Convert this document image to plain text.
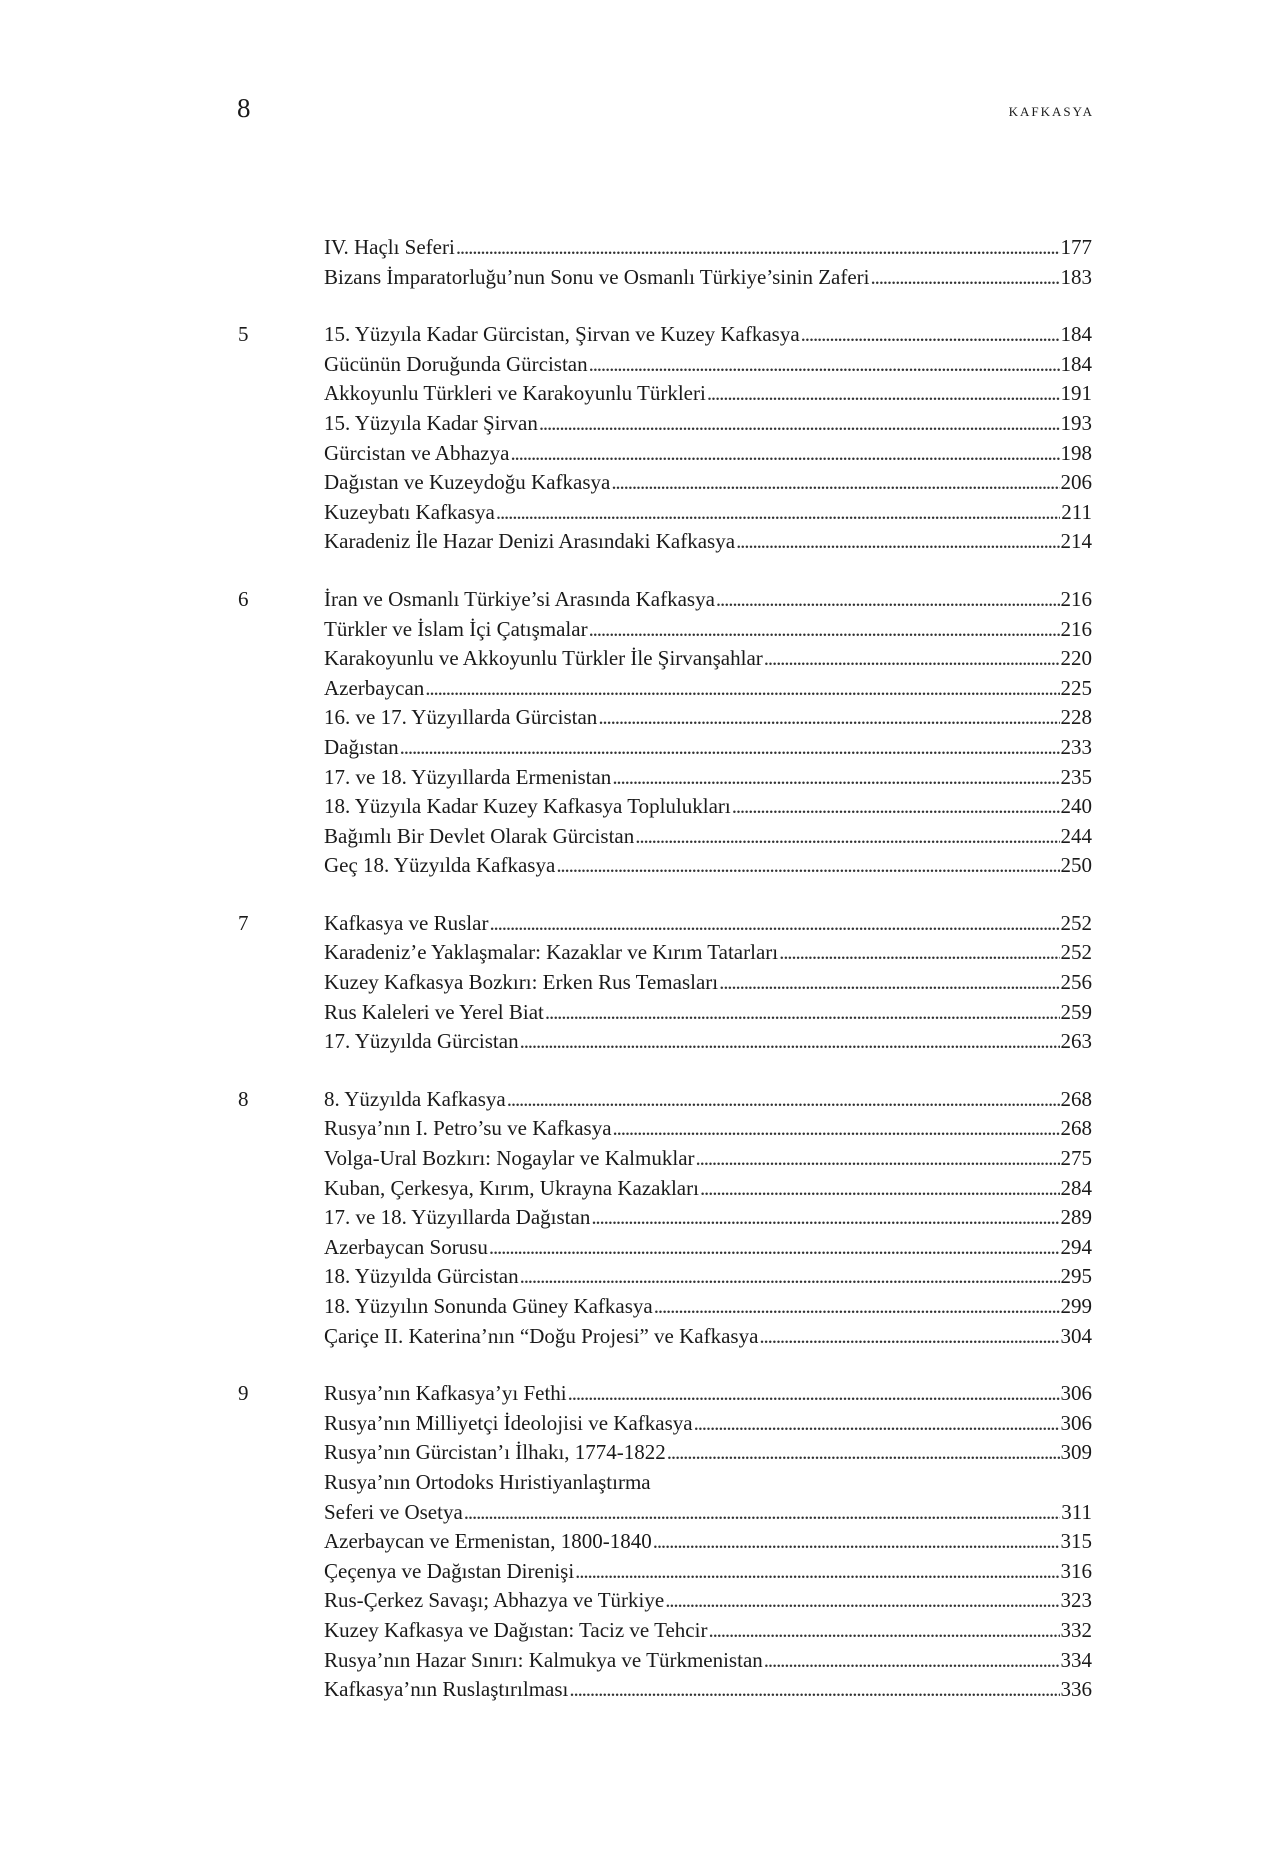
8	KAFKASYA
IV. Haçlı Seferi . . .	177
Bizans İmparatorluğu’nun Sonu ve Osmanlı Türkiye’sinin Zaferi . . .	183
5	15. Yüzyıla Kadar Gürcistan, Şirvan ve Kuzey Kafkasya . . .	184
Gücünün Doruğunda Gürcistan . . .	184
Akkoyunlu Türkleri ve Karakoyunlu Türkleri . . .	191
15. Yüzyıla Kadar Şirvan . . .	193
Gürcistan ve Abhazya . . .	198
Dağıstan ve Kuzeydoğu Kafkasya . . .	206
Kuzeybatı Kafkasya . . .	211
Karadeniz İle Hazar Denizi Arasındaki Kafkasya . . .	214
6	İran ve Osmanlı Türkiye’si Arasında Kafkasya . . .	216
Türkler ve İslam İçi Çatışmalar . . .	216
Karakoyunlu ve Akkoyunlu Türkler İle Şirvanşahlar . . .	220
Azerbaycan . . .	225
16. ve 17. Yüzyıllarda Gürcistan . . .	228
Dağıstan . . .	233
17. ve 18. Yüzyıllarda Ermenistan . . .	235
18. Yüzyıla Kadar Kuzey Kafkasya Toplulukları . . .	240
Bağımlı Bir Devlet Olarak Gürcistan . . .	244
Geç 18. Yüzyılda Kafkasya . . .	250
7	Kafkasya ve Ruslar . . .	252
Karadeniz’e Yaklaşmalar: Kazaklar ve Kırım Tatarları . . .	252
Kuzey Kafkasya Bozkırı: Erken Rus Temasları . . .	256
Rus Kaleleri ve Yerel Biat . . .	259
17. Yüzyılda Gürcistan . . .	263
8	8. Yüzyılda Kafkasya . . .	268
Rusya’nın I. Petro’su ve Kafkasya . . .	268
Volga-Ural Bozkırı: Nogaylar ve Kalmuklar . . .	275
Kuban, Çerkesya, Kırım, Ukrayna Kazakları . . .	284
17. ve 18. Yüzyıllarda Dağıstan . . .	289
Azerbaycan Sorusu . . .	294
18. Yüzyılda Gürcistan . . .	295
18. Yüzyılın Sonunda Güney Kafkasya . . .	299
Çariçe II. Katerina’nın “Doğu Projesi” ve Kafkasya . . .	304
9	Rusya’nın Kafkasya’yı Fethi . . .	306
Rusya’nın Milliyetçi İdeolojisi ve Kafkasya . . .	306
Rusya’nın Gürcistan’ı İlhakı, 1774-1822 . . .	309
Rusya’nın Ortodoks Hıristiyanlaştırma
Seferi ve Osetya . . .	311
Azerbaycan ve Ermenistan, 1800-1840 . . .	315
Çeçenya ve Dağıstan Direnişi . . .	316
Rus-Çerkez Savaşı; Abhazya ve Türkiye . . .	323
Kuzey Kafkasya ve Dağıstan: Taciz ve Tehcir . . .	332
Rusya’nın Hazar Sınırı: Kalmukya ve Türkmenistan . . .	334
Kafkasya’nın Ruslaştırılması . . .	336
